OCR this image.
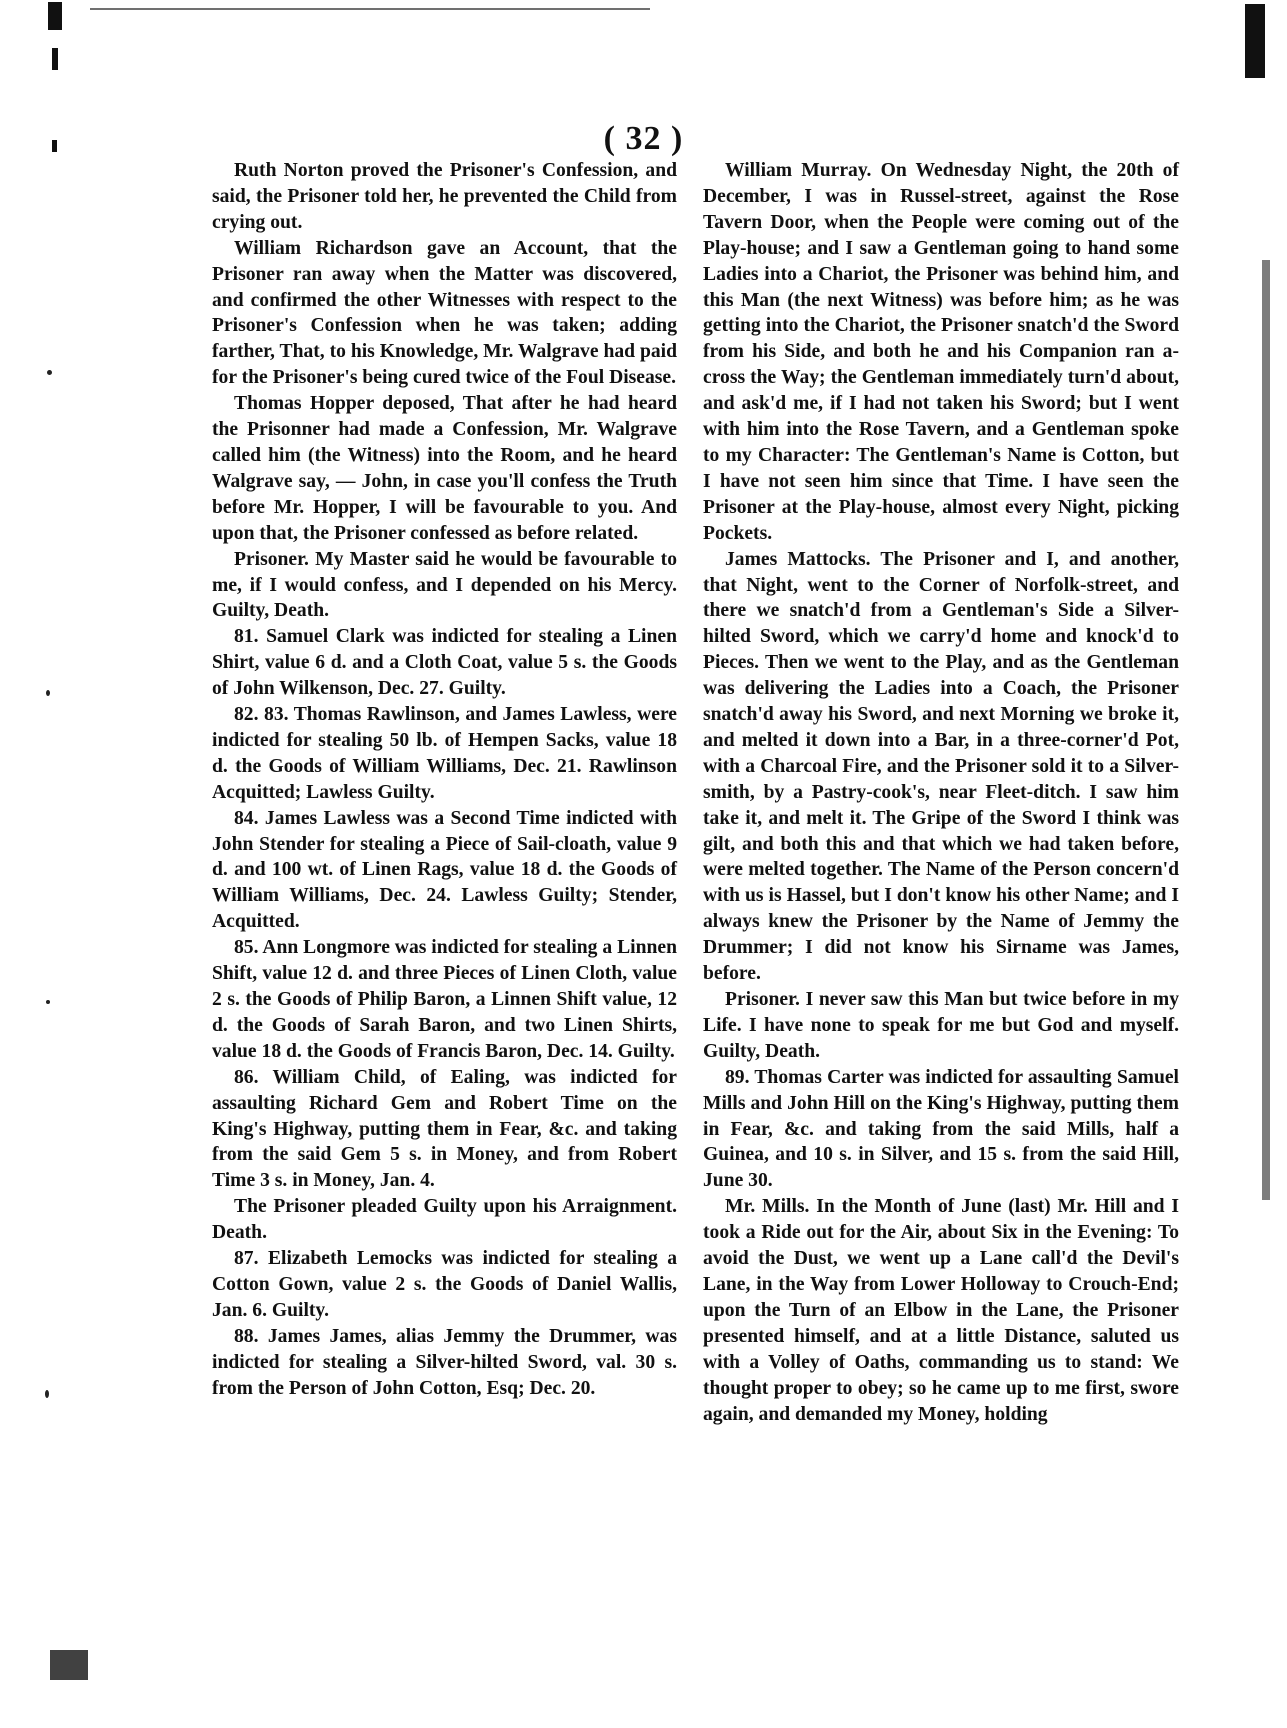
( 32 )

Ruth Norton proved the Prisoner's Confession, and said, the Prisoner told her, he prevented the Child from crying out.

William Richardson gave an Account, that the Prisoner ran away when the Matter was discovered, and confirmed the other Witnesses with respect to the Prisoner's Confession when he was taken; adding farther, That, to his Knowledge, Mr. Walgrave had paid for the Prisoner's being cured twice of the Foul Disease.

Thomas Hopper deposed, That after he had heard the Prisonner had made a Confession, Mr. Walgrave called him (the Witness) into the Room, and he heard Walgrave say, — John, in case you'll confess the Truth before Mr. Hopper, I will be favourable to you. And upon that, the Prisoner confessed as before related.

Prisoner. My Master said he would be favourable to me, if I would confess, and I depended on his Mercy. Guilty, Death.

81. Samuel Clark was indicted for stealing a Linen Shirt, value 6 d. and a Cloth Coat, value 5 s. the Goods of John Wilkenson, Dec. 27. Guilty.

82. 83. Thomas Rawlinson, and James Lawless, were indicted for stealing 50 lb. of Hempen Sacks, value 18 d. the Goods of William Williams, Dec. 21. Rawlinson Acquitted; Lawless Guilty.

84. James Lawless was a Second Time indicted with John Stender for stealing a Piece of Sail-cloath, value 9 d. and 100 wt. of Linen Rags, value 18 d. the Goods of William Williams, Dec. 24. Lawless Guilty; Stender, Acquitted.

85. Ann Longmore was indicted for stealing a Linnen Shift, value 12 d. and three Pieces of Linen Cloth, value 2 s. the Goods of Philip Baron, a Linnen Shift value, 12 d. the Goods of Sarah Baron, and two Linen Shirts, value 18 d. the Goods of Francis Baron, Dec. 14. Guilty.

86. William Child, of Ealing, was indicted for assaulting Richard Gem and Robert Time on the King's Highway, putting them in Fear, &c. and taking from the said Gem 5 s. in Money, and from Robert Time 3 s. in Money, Jan. 4.

The Prisoner pleaded Guilty upon his Arraignment. Death.

87. Elizabeth Lemocks was indicted for stealing a Cotton Gown, value 2 s. the Goods of Daniel Wallis, Jan. 6. Guilty.

88. James James, alias Jemmy the Drummer, was indicted for stealing a Silver-hilted Sword, val. 30 s. from the Person of John Cotton, Esq; Dec. 20.

William Murray. On Wednesday Night, the 20th of December, I was in Russel-street, against the Rose Tavern Door, when the People were coming out of the Play-house; and I saw a Gentleman going to hand some Ladies into a Chariot, the Prisoner was behind him, and this Man (the next Witness) was before him; as he was getting into the Chariot, the Prisoner snatch'd the Sword from his Side, and both he and his Companion ran a-cross the Way; the Gentleman immediately turn'd about, and ask'd me, if I had not taken his Sword; but I went with him into the Rose Tavern, and a Gentleman spoke to my Character: The Gentleman's Name is Cotton, but I have not seen him since that Time. I have seen the Prisoner at the Play-house, almost every Night, picking Pockets.

James Mattocks. The Prisoner and I, and another, that Night, went to the Corner of Norfolk-street, and there we snatch'd from a Gentleman's Side a Silver-hilted Sword, which we carry'd home and knock'd to Pieces. Then we went to the Play, and as the Gentleman was delivering the Ladies into a Coach, the Prisoner snatch'd away his Sword, and next Morning we broke it, and melted it down into a Bar, in a three-corner'd Pot, with a Charcoal Fire, and the Prisoner sold it to a Silver-smith, by a Pastry-cook's, near Fleet-ditch. I saw him take it, and melt it. The Gripe of the Sword I think was gilt, and both this and that which we had taken before, were melted together. The Name of the Person concern'd with us is Hassel, but I don't know his other Name; and I always knew the Prisoner by the Name of Jemmy the Drummer; I did not know his Sirname was James, before.

Prisoner. I never saw this Man but twice before in my Life. I have none to speak for me but God and myself. Guilty, Death.

89. Thomas Carter was indicted for assaulting Samuel Mills and John Hill on the King's Highway, putting them in Fear, &c. and taking from the said Mills, half a Guinea, and 10 s. in Silver, and 15 s. from the said Hill, June 30.

Mr. Mills. In the Month of June (last) Mr. Hill and I took a Ride out for the Air, about Six in the Evening: To avoid the Dust, we went up a Lane call'd the Devil's Lane, in the Way from Lower Holloway to Crouch-End; upon the Turn of an Elbow in the Lane, the Prisoner presented himself, and at a little Distance, saluted us with a Volley of Oaths, commanding us to stand: We thought proper to obey; so he came up to me first, swore again, and demanded my Money, holding
